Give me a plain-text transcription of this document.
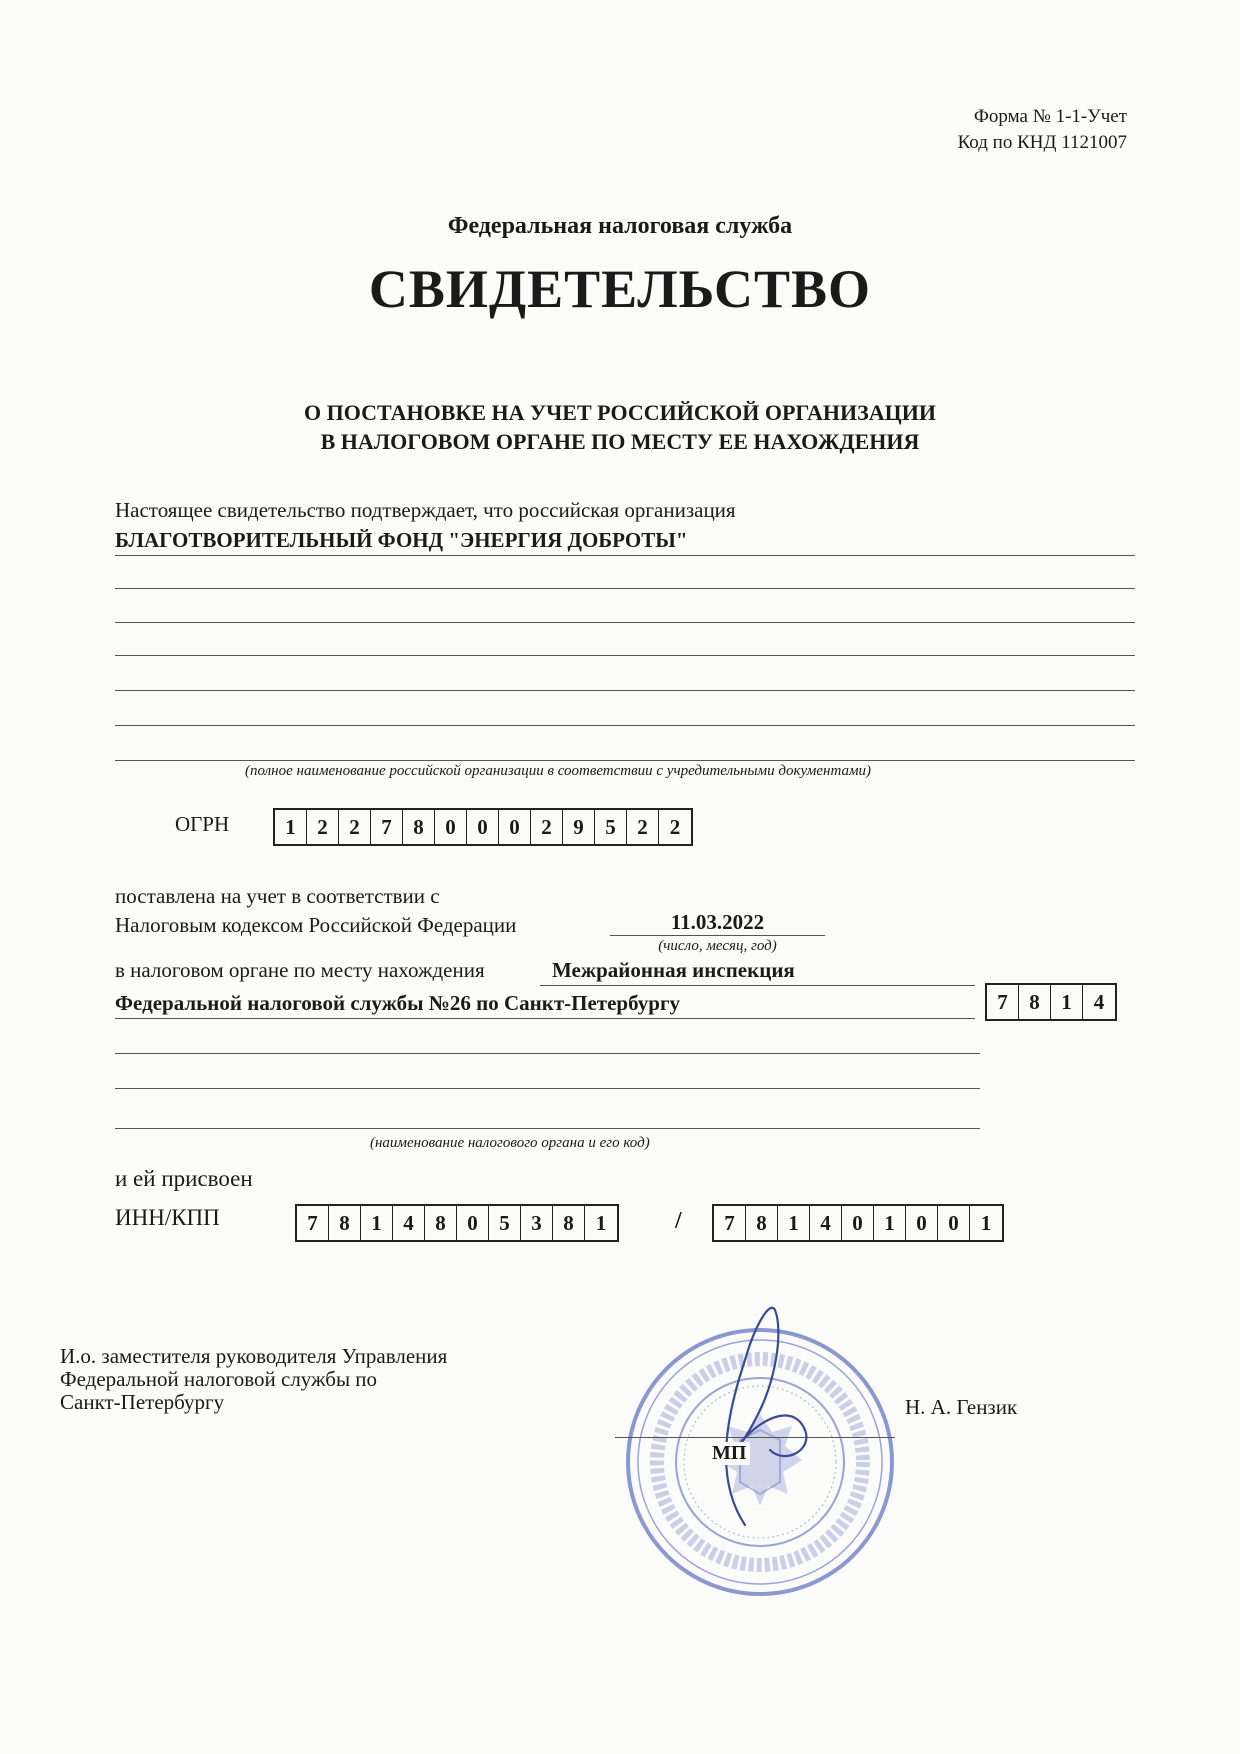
Форма № 1-1-Учет
Код по КНД 1121007
Федеральная налоговая служба
СВИДЕТЕЛЬСТВО
О ПОСТАНОВКЕ НА УЧЕТ РОССИЙСКОЙ ОРГАНИЗАЦИИ
В НАЛОГОВОМ ОРГАНЕ ПО МЕСТУ ЕЕ НАХОЖДЕНИЯ
Настоящее свидетельство подтверждает, что российская организация
БЛАГОТВОРИТЕЛЬНЫЙ ФОНД "ЭНЕРГИЯ ДОБРОТЫ"
(полное наименование российской организации в соответствии с учредительными документами)
ОГРН	1	2	2	7	8	0	0	0	2	9	5	2	2
поставлена на учет в соответствии с
Налоговым кодексом Российской Федерации	11.03.2022
(число, месяц, год)
в налоговом органе по месту нахождения	Межрайонная инспекция
Федеральной налоговой службы №26 по Санкт-Петербургу	7	8	1	4
(наименование налогового органа и его код)
и ей присвоен
ИНН/КПП	7	8	1	4	8	0	5	3	8	1	/	7	8	1	4	0	1	0	0	1
И.о. заместителя руководителя Управления
Федеральной налоговой службы по
Санкт-Петербургу
МП
Н. А. Гензик
